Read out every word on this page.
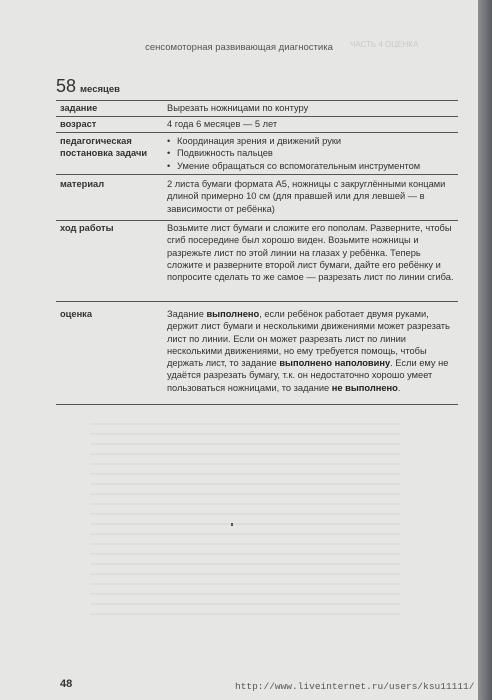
ЧАСТЬ 4 ОЦЕНКА
сенсомоторная развивающая диагностика
58 месяцев
задание	Вырезать ножницами по контуру
возраст	4 года 6 месяцев — 5 лет
педагогическая постановка задачи
• Координация зрения и движений руки
• Подвижность пальцев
• Умение обращаться со вспомогательным инструментом
материал	2 листа бумаги формата А5, ножницы с закруглёнными концами длиной примерно 10 см (для правшей или для левшей — в зависимости от ребёнка)
ход работы	Возьмите лист бумаги и сложите его пополам. Разверните, чтобы сгиб посередине был хорошо виден. Возьмите ножницы и разрежьте лист по этой линии на глазах у ребёнка. Теперь сложите и разверните второй лист бумаги, дайте его ребёнку и попросите сделать то же самое — разрезать лист по линии сгиба.
оценка	Задание выполнено, если ребёнок работает двумя руками, держит лист бумаги и несколькими движениями может разрезать лист по линии. Если он может разрезать лист по линии несколькими движениями, но ему требуется помощь, чтобы держать лист, то задание выполнено наполовину. Если ему не удаётся разрезать бумагу, т.к. он недостаточно хорошо умеет пользоваться ножницами, то задание не выполнено.
48	http://www.liveinternet.ru/users/ksu11111/
